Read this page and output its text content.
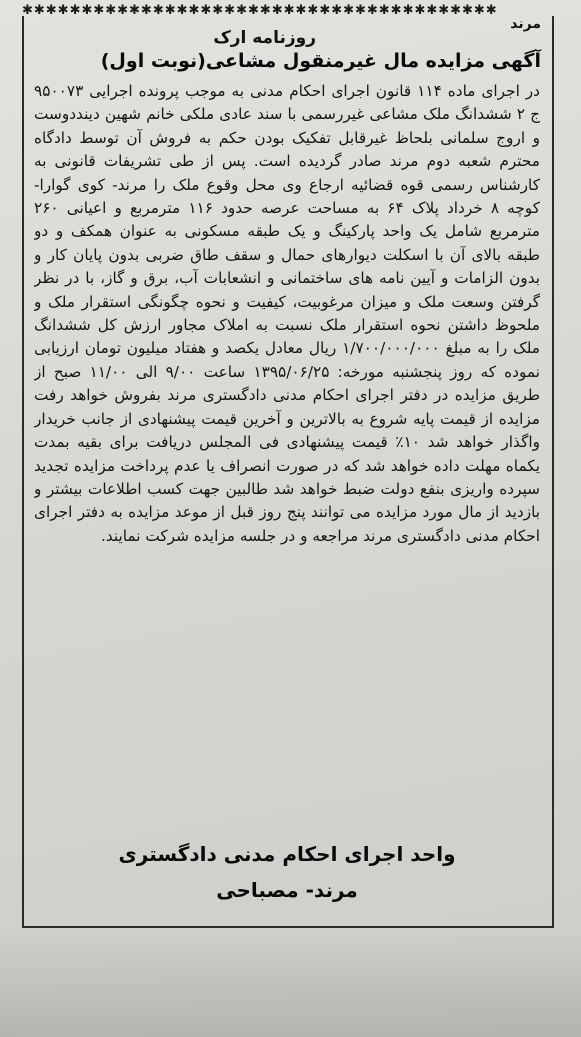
✱✱✱✱✱✱✱✱✱✱✱✱✱✱✱✱✱✱✱✱✱✱✱✱✱✱✱✱✱✱✱✱✱✱✱✱✱✱✱✱
مرند
روزنامه ارک
آگهی مزایده مال غیرمنقول مشاعی(نوبت اول)
در اجرای ماده ۱۱۴ قانون اجرای احکام مدنی به موجب پرونده اجرایی ۹۵۰۰۷۳ ج ۲ ششدانگ ملک مشاعی غیررسمی با سند عادی ملکی خانم شهین دینددوست و اروج سلمانی بلحاظ غیرقابل تفکیک بودن حکم به فروش آن توسط دادگاه محترم شعبه دوم مرند صادر گردیده است. پس از طی تشریفات قانونی به کارشناس رسمی قوه قضائیه ارجاع وی محل وقوع ملک را مرند- کوی گوارا- کوچه ۸ خرداد پلاک ۶۴ به مساحت عرصه حدود ۱۱۶ مترمربع و اعیانی ۲۶۰ مترمربع شامل یک واحد پارکینگ و یک طبقه مسکونی به عنوان همکف و دو طبقه بالای آن با اسکلت دیوارهای حمال و سقف طاق ضربی بدون پایان کار و بدون الزامات و آیین نامه های ساختمانی و انشعابات آب، برق و گاز، با در نظر گرفتن وسعت ملک و میزان مرغوبیت، کیفیت و نحوه چگونگی استقرار ملک و ملحوظ داشتن نحوه استقرار ملک نسبت به املاک مجاور ارزش کل ششدانگ ملک را به مبلغ ۱/۷۰۰/۰۰۰/۰۰۰ ریال معادل یکصد و هفتاد میلیون تومان ارزیابی نموده که روز پنجشنبه مورخه: ۱۳۹۵/۰۶/۲۵ ساعت ۹/۰۰ الی ۱۱/۰۰ صبح از طریق مزایده در دفتر اجرای احکام مدنی دادگستری مرند بفروش خواهد رفت مزایده از قیمت پایه شروع به بالاترین و آخرین قیمت پیشنهادی از جانب خریدار واگذار خواهد شد ۱۰٪ قیمت پیشنهادی فی المجلس دریافت برای بقیه بمدت یکماه مهلت داده خواهد شد که در صورت انصراف یا عدم پرداخت مزایده تجدید سپرده واریزی بنفع دولت ضبط خواهد شد طالبین جهت کسب اطلاعات بیشتر و بازدید از مال مورد مزایده می توانند پنج روز قبل از موعد مزایده به دفتر اجرای احکام مدنی دادگستری مرند مراجعه و در جلسه مزایده شرکت نمایند.
واحد اجرای احکام مدنی دادگستری
مرند- مصباحی
